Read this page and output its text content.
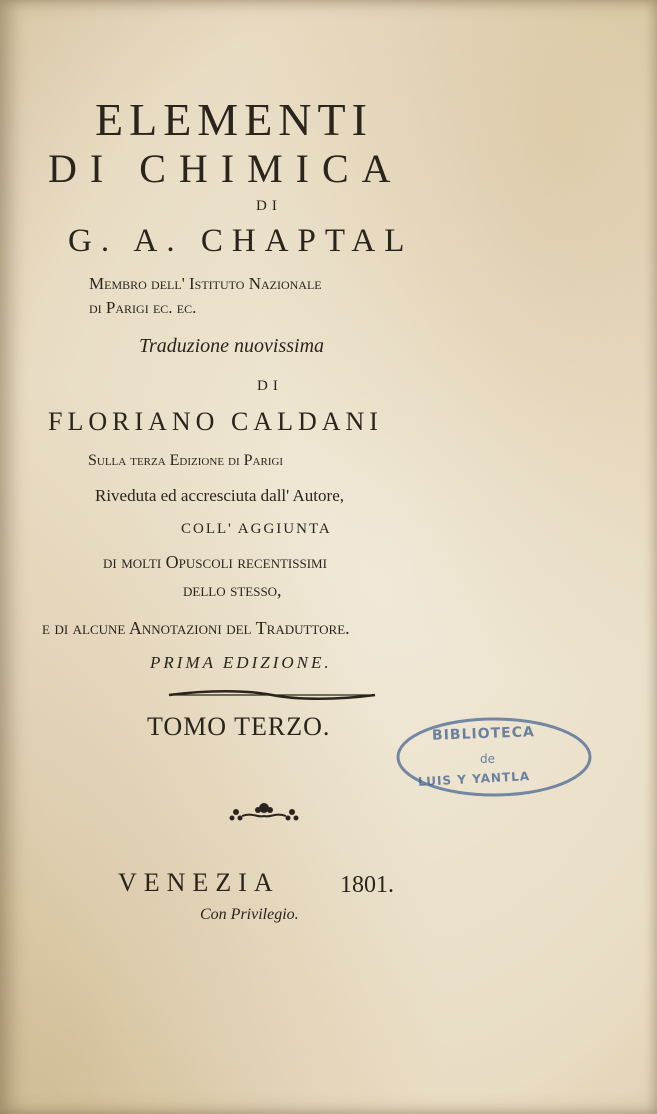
ELEMENTI

DI CHIMICA

DI

G. A. CHAPTAL

Membro dell' Istituto Nazionale

di Parigi ec. ec.

Traduzione nuovissima

DI

FLORIANO CALDANI

Sulla terza Edizione di Parigi

Riveduta ed accresciuta dall' Autore,

COLL' AGGIUNTA

di molti Opuscoli recentissimi

dello stesso,

e di alcune Annotazioni del Traduttore.

PRIMA EDIZIONE.

TOMO TERZO.	BIBLIOTECA

de

LUIS Y YANTLA

VENEZIA	1801.

Con Privilegio.
